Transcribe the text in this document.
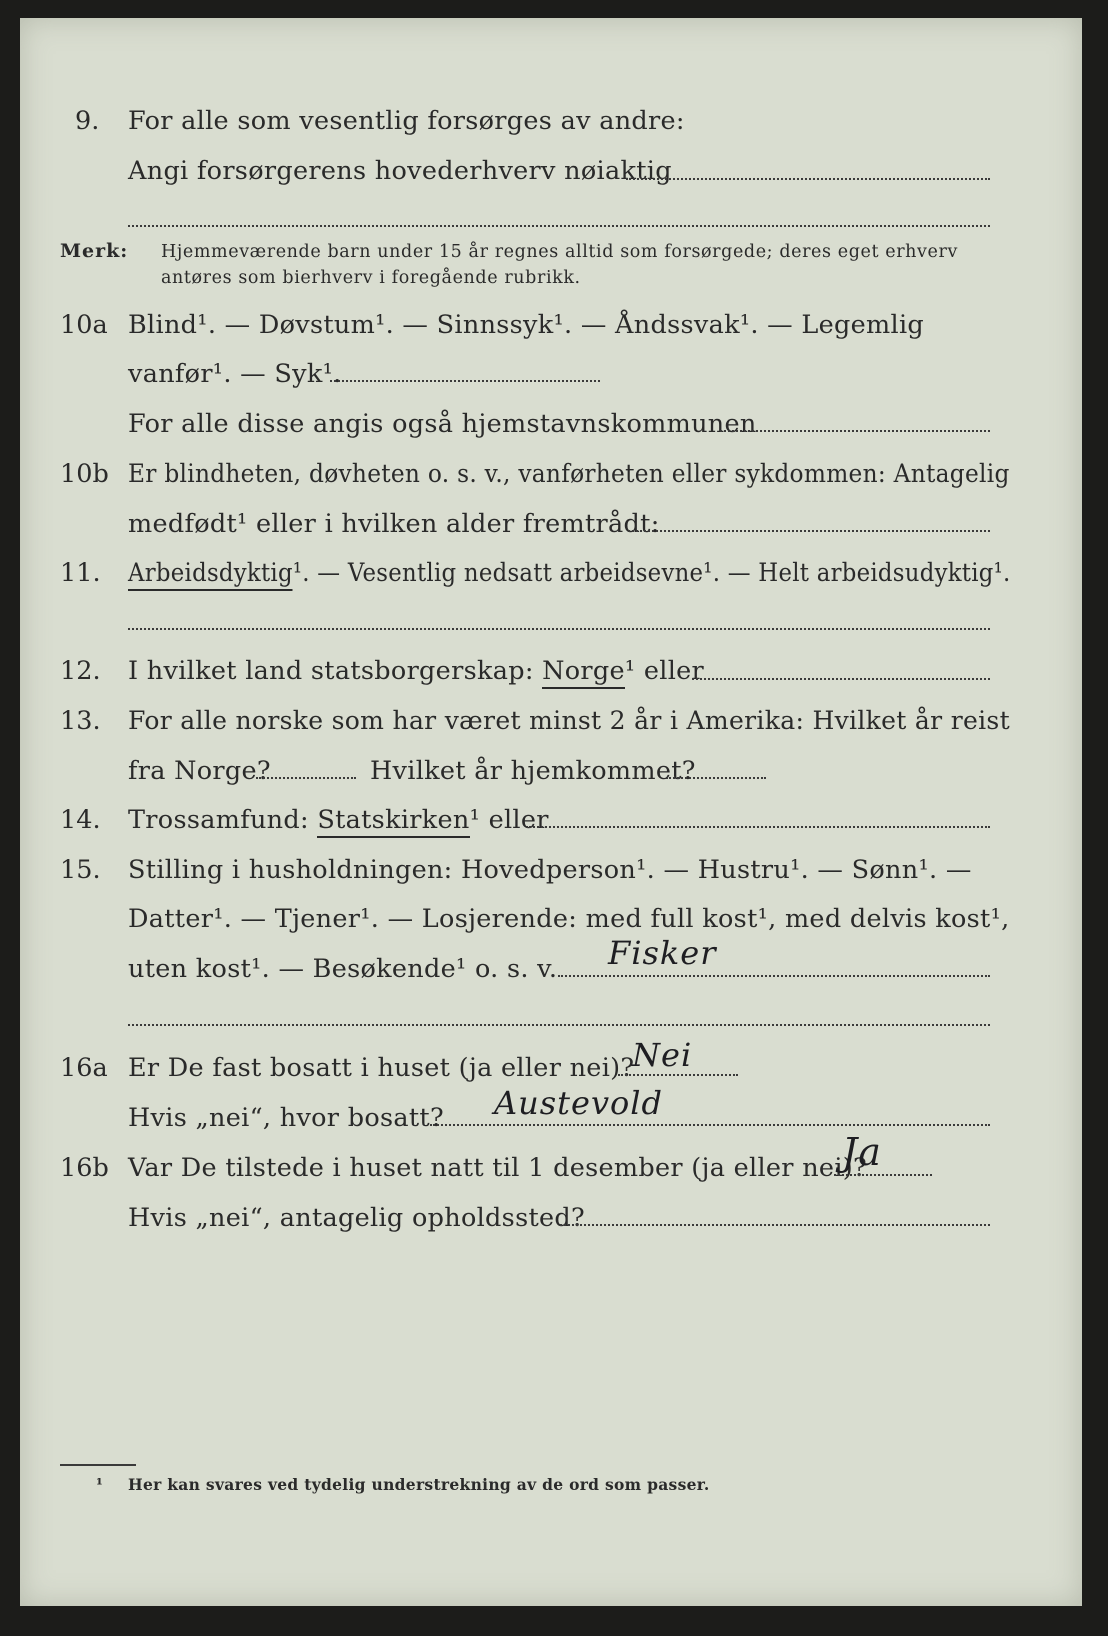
9. For alle som vesentlig forsørges av andre:
Angi forsørgerens hovederhverv nøiaktig
Merk: Hjemmeværende barn under 15 år regnes alltid som forsørgede; deres eget erhverv
antøres som bierhverv i foregående rubrikk.
10a Blind¹. — Døvstum¹. — Sinnssyk¹. — Åndssvak¹. — Legemlig
vanfør¹. — Syk¹.
For alle disse angis også hjemstavnskommunen
10b Er blindheten, døvheten o. s. v., vanførheten eller sykdommen: Antagelig
medfødt¹ eller i hvilken alder fremtrådt:
11. Arbeidsdyktig¹. — Vesentlig nedsatt arbeidsevne¹. — Helt arbeidsudyktig¹.
12. I hvilket land statsborgerskap: Norge¹ eller
13. For alle norske som har været minst 2 år i Amerika: Hvilket år reist
fra Norge?	Hvilket år hjemkommet?
14. Trossamfund: Statskirken¹ eller
15. Stilling i husholdningen: Hovedperson¹. — Hustru¹. — Sønn¹. —
Datter¹. — Tjener¹. — Losjerende: med full kost¹, med delvis kost¹,
uten kost¹. — Besøkende¹ o. s. v. Fisker
16a Er De fast bosatt i huset (ja eller nei)?
Nei
Hvis „nei“, hvor bosatt? Austevold
16b Var De tilstede i huset natt til 1 desember (ja eller nei)?
Ja
Hvis „nei“, antagelig opholdssted?
¹ Her kan svares ved tydelig understrekning av de ord som passer.
